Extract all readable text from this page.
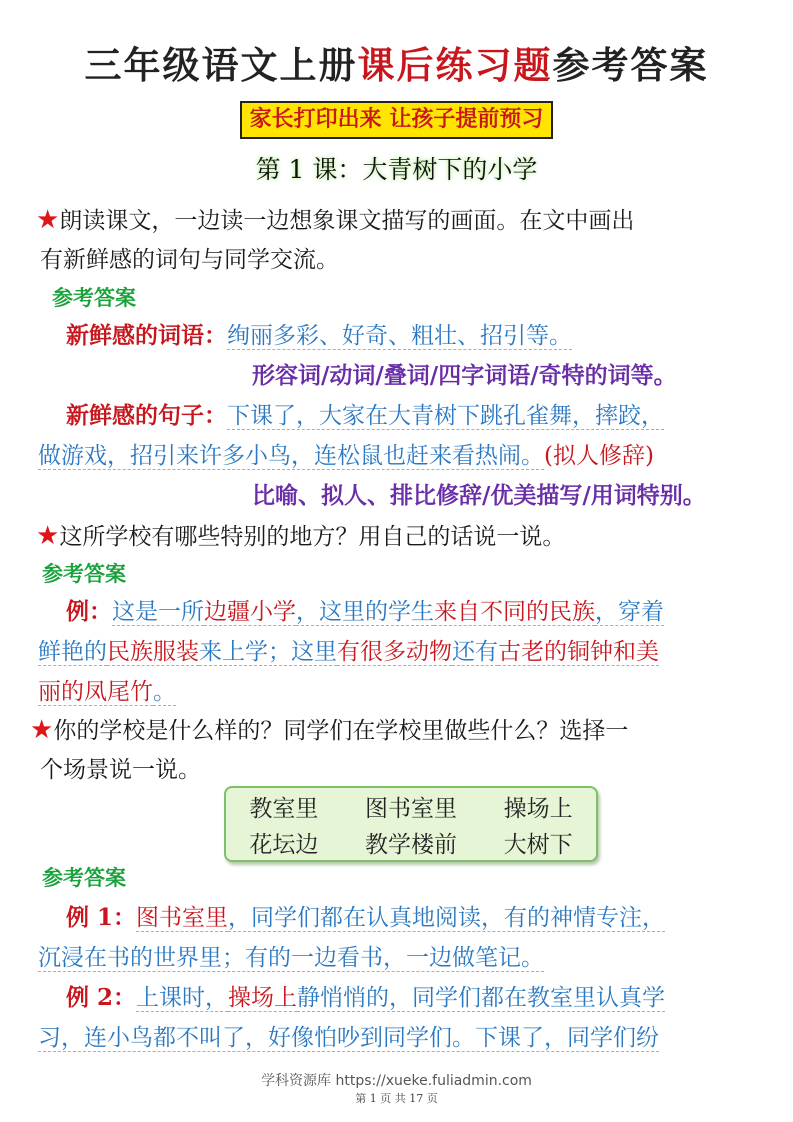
三年级语文上册课后练习题参考答案
家长打印出来 让孩子提前预习
第 1 课：大青树下的小学
★朗读课文，一边读一边想象课文描写的画面。在文中画出
有新鲜感的词句与同学交流。
参考答案
新鲜感的词语：绚丽多彩、好奇、粗壮、招引等。
形容词/动词/叠词/四字词语/奇特的词等。
新鲜感的句子：下课了，大家在大青树下跳孔雀舞，摔跤，
做游戏，招引来许多小鸟，连松鼠也赶来看热闹。(拟人修辞)
比喻、拟人、排比修辞/优美描写/用词特别。
★这所学校有哪些特别的地方？用自己的话说一说。
参考答案
例：这是一所边疆小学，这里的学生来自不同的民族，穿着
鲜艳的民族服装来上学；这里有很多动物还有古老的铜钟和美
丽的凤尾竹。
★你的学校是什么样的？同学们在学校里做些什么？选择一
个场景说一说。
教室里 图书室里 操场上
花坛边 教学楼前 大树下
参考答案
例 1：图书室里，同学们都在认真地阅读，有的神情专注，
沉浸在书的世界里；有的一边看书，一边做笔记。
例 2：上课时，操场上静悄悄的，同学们都在教室里认真学
习，连小鸟都不叫了，好像怕吵到同学们。下课了，同学们纷
学科资源库 https://xueke.fuliadmin.com
第 1 页 共 17 页
